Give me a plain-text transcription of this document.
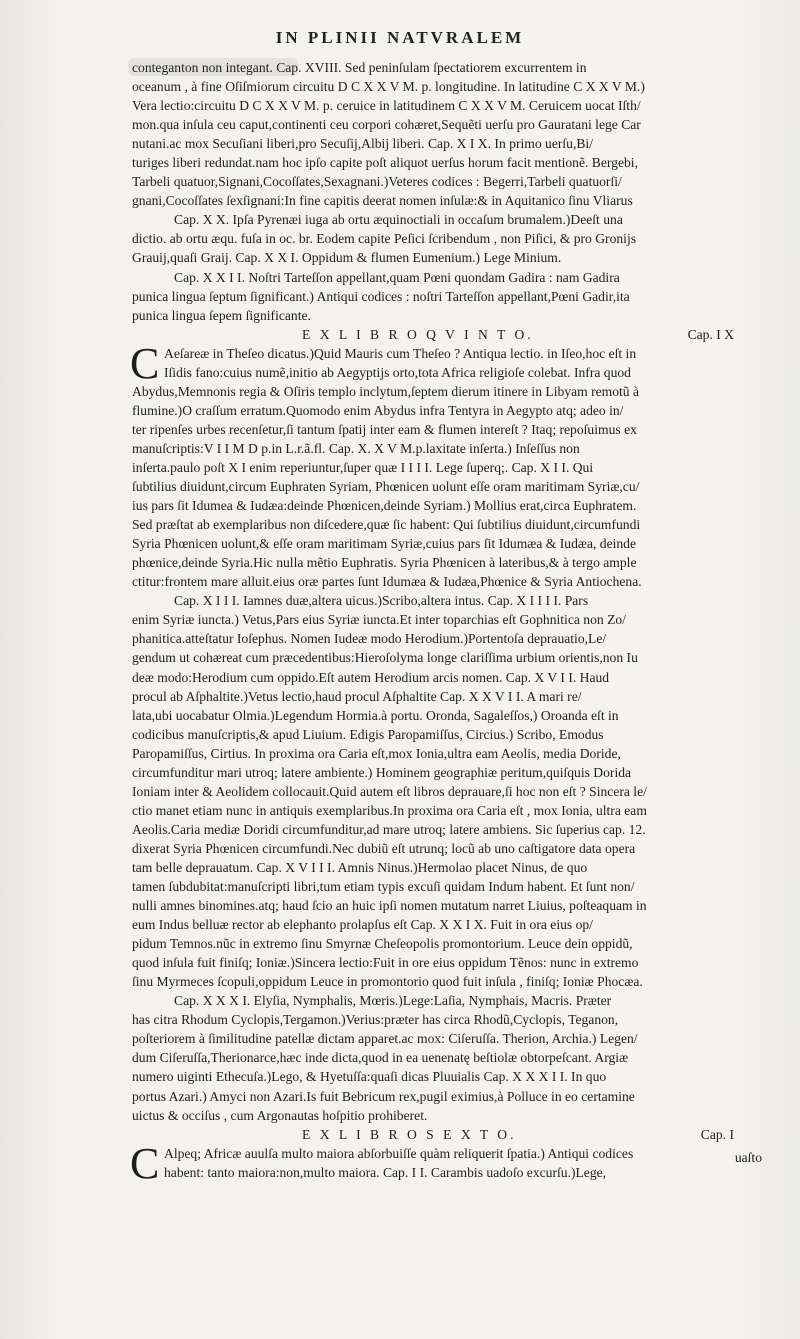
IN PLINII NATVRALEM
conteganton non integant. Cap. XVIII. Sed peninſulam ſpectatiorem excurrentem in
oceanum , à fine Oſiſmiorum circuitu D C X X V M. p. longitudine. In latitudine C X X V M.)
Vera lectio:circuitu D C X X V M. p. ceruice in latitudinem C X X V M. Ceruicem uocat Iſth/
mon.qua inſula ceu caput,continenti ceu corpori cohæret,Sequẽti uerſu pro Gauratani lege Car
nutani.ac mox Secuſiani liberi,pro Secuſij,Albij liberi. Cap. X I X. In primo uerſu,Bi/
turiges liberi redundat.nam hoc ipſo capite poſt aliquot uerſus horum facit mentionẽ. Bergebi,
Tarbeli quatuor,Signani,Cocoſſates,Sexagnani.)Veteres codices : Begerri,Tarbeli quatuorſi/
gnani,Cocoſſates ſexſignani:In fine capitis deerat nomen inſulæ:& in Aquitanico ſinu Vliarus
Cap. X X. Ipſa Pyrenæi iuga ab ortu æquinoctiali in occaſum brumalem.)Deeſt una
dictio. ab ortu æqu. fuſa in oc. br. Eodem capite Peſici ſcribendum , non Piſici, & pro Gronijs
Grauij,quaſi Graij. Cap. X X I. Oppidum & flumen Eumenium.) Lege Minium.
Cap. X X I I. Noſtri Tarteſſon appellant,quam Pœni quondam Gadira : nam Gadira
punica lingua ſeptum ſignificant.) Antiqui codices : noſtri Tarteſſon appellant,Pœni Gadir,ita
punica lingua ſepem ſignificante.
E X L I B R O Q V I N T O.	Cap. I X
C Aeſareæ in Theſeo dicatus.)Quid Mauris cum Theſeo ? Antiqua lectio. in Iſeo,hoc eſt in
Iſidis fano:cuius numẽ,initio ab Aegyptijs orto,tota Africa religioſe colebat. Infra quod
Abydus,Memnonis regia & Oſiris templo inclytum,ſeptem dierum itinere in Libyam remotũ à
flumine.)O craſſum erratum.Quomodo enim Abydus infra Tentyra in Aegypto atq; adeo in/
ter ripenſes urbes recenſetur,ſi tantum ſpatij inter eam & flumen intereſt ? Itaq; repoſuimus ex
manuſcriptis:V I I M D p.in L.r.ã.fl. Cap. X. X V M.p.laxitate inſerta.) Inſeſſus non
inſerta.paulo poſt X I enim reperiuntur,ſuper quæ I I I I. Lege ſuperq;. Cap. X I I. Qui
ſubtilius diuidunt,circum Euphraten Syriam, Phœnicen uolunt eſſe oram maritimam Syriæ,cu/
ius pars ſit Idumea & Iudæa:deinde Phœnicen,deinde Syriam.) Mollius erat,circa Euphratem.
Sed præſtat ab exemplaribus non diſcedere,quæ ſic habent: Qui ſubtilius diuidunt,circumfundi
Syria Phœnicen uolunt,& eſſe oram maritimam Syriæ,cuius pars ſit Idumæa & Iudæa, deinde
phœnice,deinde Syria.Hic nulla mẽtio Euphratis. Syria Phœnicen à lateribus,& à tergo ample
ctitur:frontem mare alluit.eius oræ partes ſunt Idumæa & Iudæa,Phœnice & Syria Antiochena.
Cap. X I I I. Iamnes duæ,altera uicus.)Scribo,altera intus. Cap. X I I I I. Pars
enim Syriæ iuncta.) Vetus,Pars eius Syriæ iuncta.Et inter toparchias eſt Gophnitica non Zo/
phanitica.atteſtatur Ioſephus. Nomen Iudeæ modo Herodium.)Portentoſa deprauatio,Le/
gendum ut cohæreat cum præcedentibus:Hieroſolyma longe clariſſima urbium orientis,non Iu
deæ modo:Herodium cum oppido.Eſt autem Herodium arcis nomen. Cap. X V I I. Haud
procul ab Aſphaltite.)Vetus lectio,haud procul Aſphaltite Cap. X X V I I. A mari re/
lata,ubi uocabatur Olmia.)Legendum Hormia.à portu. Oronda, Sagaleſſos,) Oroanda eſt in
codicibus manuſcriptis,& apud Liuium. Edigis Paropamiſſus, Circius.) Scribo, Emodus
Paropamiſſus, Cirtius. In proxima ora Caria eſt,mox Ionia,ultra eam Aeolis, media Doride,
circumfunditur mari utroq; latere ambiente.) Hominem geographiæ peritum,quiſquis Dorida
Ioniam inter & Aeolidem collocauit.Quid autem eſt libros deprauare,ſi hoc non eſt ? Sincera le/
ctio manet etiam nunc in antiquis exemplaribus.In proxima ora Caria eſt , mox Ionia, ultra eam
Aeolis.Caria mediæ Doridi circumfunditur,ad mare utroq; latere ambiens. Sic ſuperius cap. 12.
dixerat Syria Phœnicen circumfundi.Nec dubiũ eſt utrunq; locũ ab uno caſtigatore data opera
tam belle deprauatum. Cap. X V I I I. Amnis Ninus.)Hermolao placet Ninus, de quo
tamen ſubdubitat:manuſcripti libri,tum etiam typis excuſi quidam Indum habent. Et ſunt non/
nulli amnes binomines.atq; haud ſcio an huic ipſi nomen mutatum narret Liuius, poſteaquam in
eum Indus belluæ rector ab elephanto prolapſus eſt Cap. X X I X. Fuit in ora eius op/
pidum Temnos.nũc in extremo ſinu Smyrnæ Cheſeopolis promontorium. Leuce dein oppidũ,
quod inſula fuit finiſq; Ioniæ.)Sincera lectio:Fuit in ore eius oppidum Tẽnos: nunc in extremo
ſinu Myrmeces ſcopuli,oppidum Leuce in promontorio quod fuit inſula , finiſq; Ioniæ Phocæa.
Cap. X X X I. Elyſia, Nymphalis, Mœris.)Lege:Laſia, Nymphais, Macris. Præter
has citra Rhodum Cyclopis,Tergamon.)Verius:præter has circa Rhodũ,Cyclopis, Teganon,
poſteriorem à ſimilitudine patellæ dictam apparet.ac mox: Ciſeruſſa. Therion, Archia.) Legen/
dum Ciſeruſſa,Therionarce,hæc inde dicta,quod in ea uenenatę beſtiolæ obtorpeſcant. Argiæ
numero uiginti Ethecuſa.)Lego, & Hyetuſſa:quaſi dicas Pluuialis Cap. X X X I I. In quo
portus Azari.) Amyci non Azari.Is fuit Bebricum rex,pugil eximius,à Polluce in eo certamine
uictus & occiſus , cum Argonautas hoſpitio prohiberet.
E X L I B R O S E X T O.	Cap. I
C Alpeq; Africæ auulſa multo maiora abſorbuiſſe quàm reliquerit ſpatia.) Antiqui codices
habent: tanto maiora:non,multo maiora. Cap. I I. Carambis uadoſo excurſu.)Lege,
uaſto
